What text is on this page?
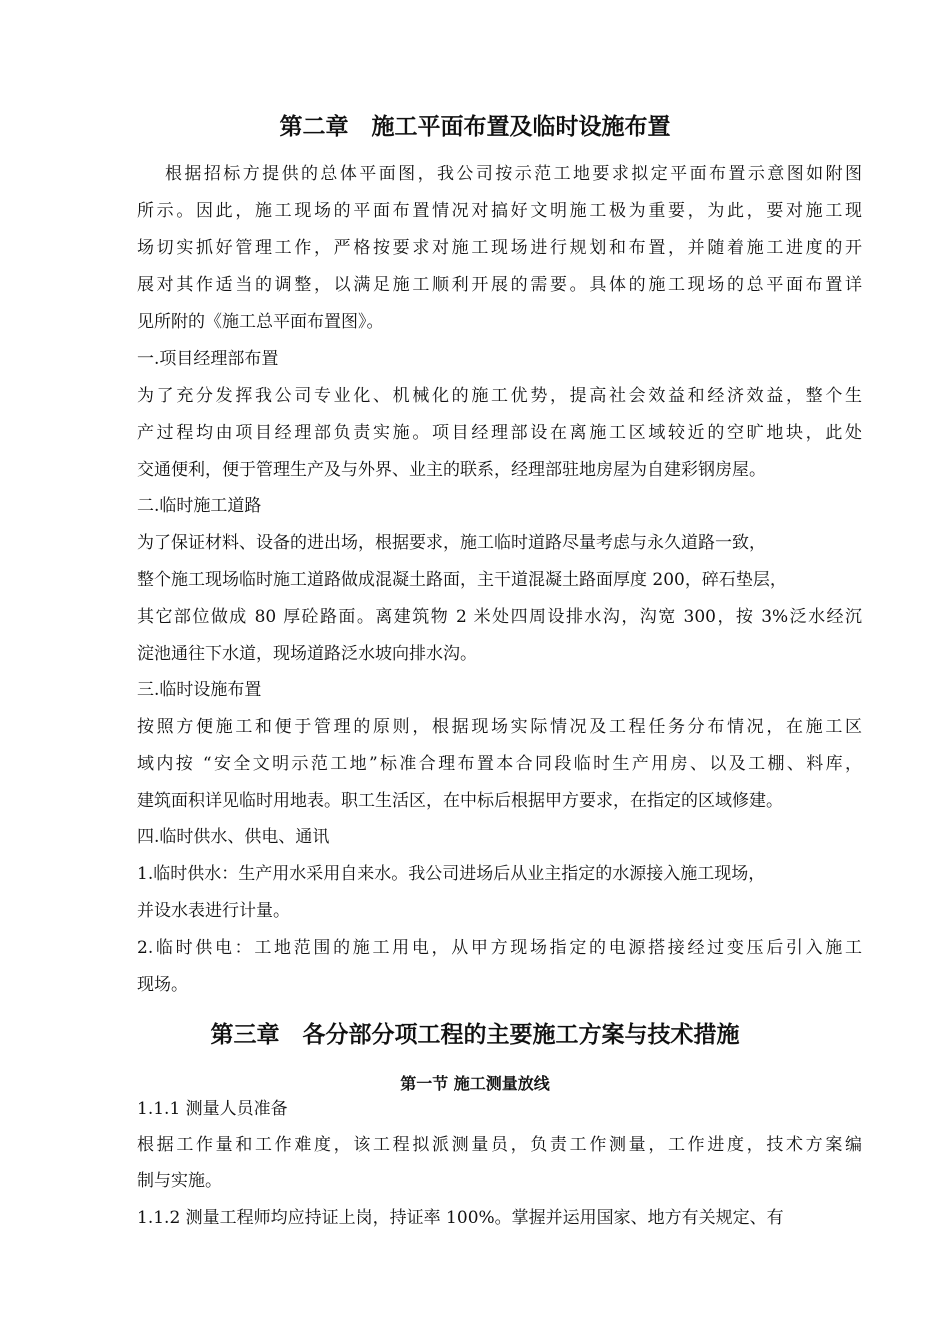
第二章　施工平面布置及临时设施布置
根据招标方提供的总体平面图，我公司按示范工地要求拟定平面布置示意图如附图
所示。因此，施工现场的平面布置情况对搞好文明施工极为重要，为此，要对施工现
场切实抓好管理工作，严格按要求对施工现场进行规划和布置，并随着施工进度的开
展对其作适当的调整，以满足施工顺利开展的需要。具体的施工现场的总平面布置详
见所附的《施工总平面布置图》。
一.项目经理部布置
为了充分发挥我公司专业化、机械化的施工优势，提高社会效益和经济效益，整个生
产过程均由项目经理部负责实施。项目经理部设在离施工区域较近的空旷地块，此处
交通便利，便于管理生产及与外界、业主的联系，经理部驻地房屋为自建彩钢房屋。
二.临时施工道路
为了保证材料、设备的进出场，根据要求，施工临时道路尽量考虑与永久道路一致，
整个施工现场临时施工道路做成混凝土路面，主干道混凝土路面厚度 200，碎石垫层，
其它部位做成 80 厚砼路面。离建筑物 2 米处四周设排水沟，沟宽 300，按 3%泛水经沉
淀池通往下水道，现场道路泛水坡向排水沟。
三.临时设施布置
按照方便施工和便于管理的原则，根据现场实际情况及工程任务分布情况，在施工区
域内按 “安全文明示范工地”标准合理布置本合同段临时生产用房、以及工棚、料库，
建筑面积详见临时用地表。职工生活区，在中标后根据甲方要求，在指定的区域修建。
四.临时供水、供电、通讯
1.临时供水：生产用水采用自来水。我公司进场后从业主指定的水源接入施工现场，
并设水表进行计量。
2.临时供电：工地范围的施工用电，从甲方现场指定的电源搭接经过变压后引入施工
现场。
第三章　各分部分项工程的主要施工方案与技术措施
第一节 施工测量放线
1.1.1 测量人员准备
根据工作量和工作难度，该工程拟派测量员，负责工作测量，工作进度，技术方案编
制与实施。
1.1.2 测量工程师均应持证上岗，持证率 100%。掌握并运用国家、地方有关规定、有
